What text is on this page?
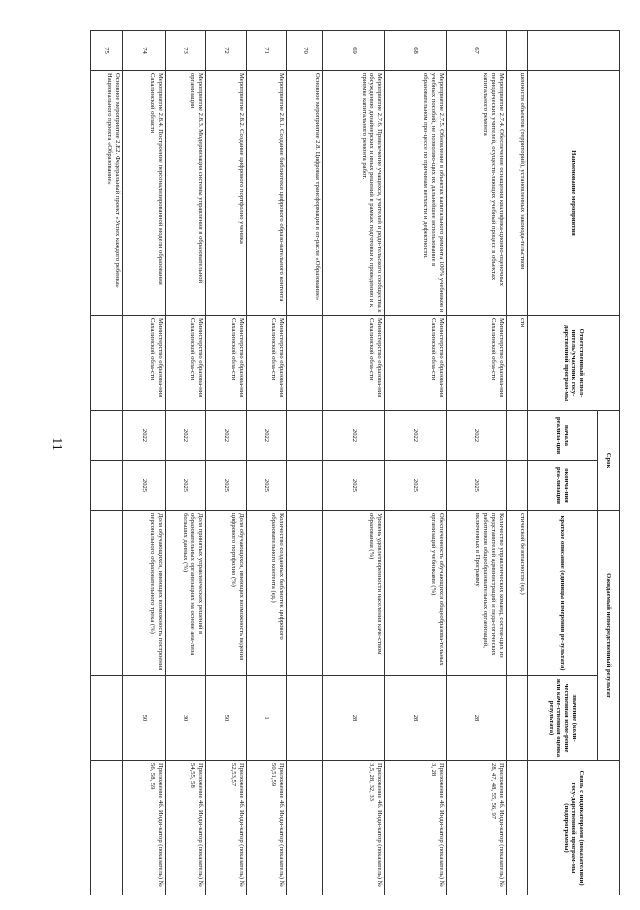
11
	Наименование мероприятия	Ответственный испол-нитель/участник госу-дарственной програм-мы	Срок		Ожидаемый непосредственный результат		Связь с индикаторами (показателями) госу-дарственной програм-мы (подпрограммы)
			начала реализа-ции	оконча-ния реа-лизации	краткое описание (единицы измерения ре-зультата)	значение (коли-чественная изме-рение или каче-ственная оценка результата)	
	шенности объектов (территорий), установленных законода-тельством	сти			стической безопасности (ед.)		
67	Мероприятие 2.7.4. Обеспечение оснащения квалифика-ционно-оценочных периодических учителей, осуществ-ляющих учебный процесс в объектах капитального ремонта	Министерство образова-ния Сахалинской обла-сти	2022	2025	Количество управленческих команд, состоя-щих из представителей администраций и педа-гогических работников общеобразовательных организаций, включенных в Программу	28	Приложение 4б. Инди-катор (показатель) № 28, 47, 48, 55, 56, 97
68	Мероприятие 2.7.5. Обновление в объектах капитального ремонта 100% учебников и учебных пособий, не позволяю-щих их дальнейшее использование в образовательном про-цессе по причинам ветхости и дефектности.	Министерство образова-ния Сахалинской обла-сти	2022	2025	Обеспеченность обучающихся общеобразова-тельных организаций учебниками (%)	28	Приложение 4б. Инди-катор (показатель) № 3, 28
69	Мероприятие 2.7.6. Привлечение учащихся, учителей и роди-тельского сообщества к обсуждению дизайнерских и иных решений в рамках подготовки к проведению и к приемке капитального ремонта работ.	Министерство образова-ния Сахалинской обла-сти	2022	2025	Уровень удовлетворенности населения каче-ством образования (%)	28	Приложение 4б. Инди-катор (показатель) № 3,5, 28, 32, 33
70	Основное мероприятие 2.8. Цифровая трансформация в от-расли «Образование»						
71	Мероприятие 2.8.1. Создание библиотеки цифрового образо-вательного контента	Министерство образова-ния Сахалинской обла-сти	2022	2025	Количество созданных библиотек цифрового образовательного контента (ед.)	1	Приложение 4б. Инди-катор (показатель) № 50,51,59
72	Мероприятие 2.8.2. Создание цифрового портфолио ученика	Министерство образова-ния Сахалинской обла-сти	2022	2025	Доля обучающихся, имеющих возможность ведения цифрового портфолио (%)	50	Приложение 4б. Инди-катор (показатель) № 52,53,57
73	Мероприятие 2.8.3. Модернизация системы управления в образовательной организации	Министерство образова-ния Сахалинской обла-сти	2022	2025	Доля принятых управленческих решений в образовательных организациях на основе ана-лиза больших данных (%)	30	Приложение 4б. Инди-катор (показатель) № 54,55, 58
74	Мероприятие 2.8.4. Построение персонализированной модели образования Сахалинской области	Министерство образова-ния Сахалинской обла-сти	2022	2025	Доля обучающихся, имеющих возможность построения персонального образовательного трека (%)	50	Приложение 4б. Инди-катор (показатель) № 56, 58, 59
75	Основное мероприятие 2.Е2. Федеральный проект «Успех каждого ребенка» Национального проекта «Образование»						
